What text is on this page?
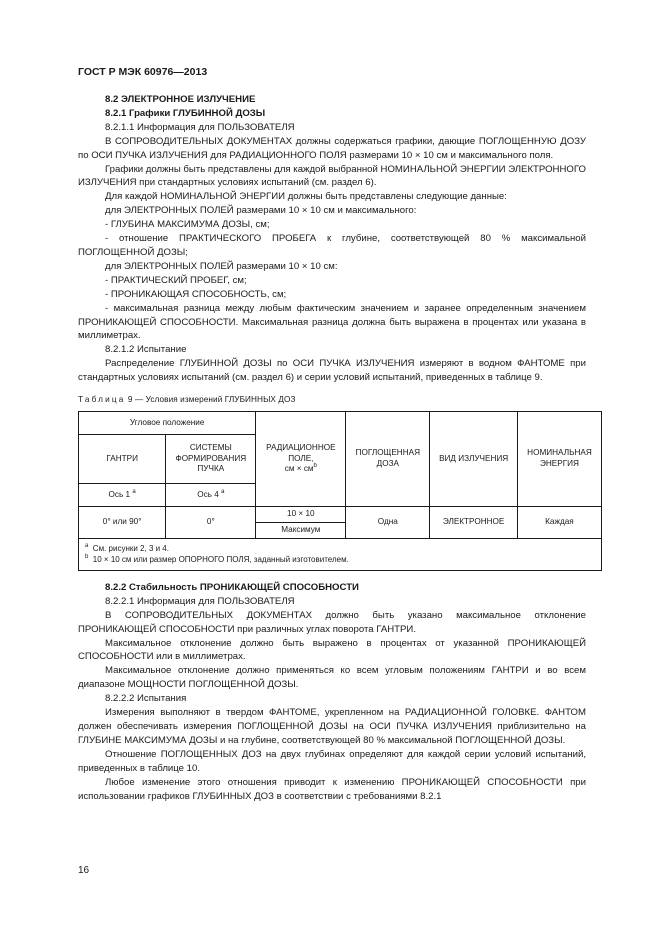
ГОСТ Р МЭК 60976—2013

8.2 ЭЛЕКТРОННОЕ ИЗЛУЧЕНИЕ

8.2.1 Графики ГЛУБИННОЙ ДОЗЫ

8.2.1.1 Информация для ПОЛЬЗОВАТЕЛЯ

В СОПРОВОДИТЕЛЬНЫХ ДОКУМЕНТАХ должны содержаться графики, дающие ПОГЛОЩЕННУЮ ДОЗУ по ОСИ ПУЧКА ИЗЛУЧЕНИЯ для РАДИАЦИОННОГО ПОЛЯ размерами 10 × 10 см и максимального поля.

Графики должны быть представлены для каждой выбранной НОМИНАЛЬНОЙ ЭНЕРГИИ ЭЛЕКТРОННОГО ИЗЛУЧЕНИЯ при стандартных условиях испытаний (см. раздел 6).

Для каждой НОМИНАЛЬНОЙ ЭНЕРГИИ должны быть представлены следующие данные:

для ЭЛЕКТРОННЫХ ПОЛЕЙ размерами 10 × 10 см и максимального:

- ГЛУБИНА МАКСИМУМА ДОЗЫ, см;

- отношение ПРАКТИЧЕСКОГО ПРОБЕГА к глубине, соответствующей 80 % максимальной ПОГЛОЩЕННОЙ ДОЗЫ;

для ЭЛЕКТРОННЫХ ПОЛЕЙ размерами 10 × 10 см:

- ПРАКТИЧЕСКИЙ ПРОБЕГ, см;

- ПРОНИКАЮЩАЯ СПОСОБНОСТЬ, см;

- максимальная разница между любым фактическим значением и заранее определенным значением ПРОНИКАЮЩЕЙ СПОСОБНОСТИ. Максимальная разница должна быть выражена в процентах или указана в миллиметрах.

8.2.1.2 Испытание

Распределение ГЛУБИННОЙ ДОЗЫ по ОСИ ПУЧКА ИЗЛУЧЕНИЯ измеряют в водном ФАНТОМЕ при стандартных условиях испытаний (см. раздел 6) и серии условий испытаний, приведенных в таблице 9.

Таблица 9 — Условия измерений ГЛУБИННЫХ ДОЗ
Угловое положение		РАДИАЦИОННОЕ ПОЛЕ,
см × $см^b$	ПОГЛОЩЕННАЯ ДОЗА	ВИД ИЗЛУЧЕНИЯ	НОМИНАЛЬНАЯ ЭНЕРГИЯ
ГАНТРИ	СИСТЕМЫ ФОРМИРОВАНИЯ ПУЧКА				
Ось 1 $^a$	Ось 4 $^a$
0° или 90°	0°	10 × 10	Одна	ЭЛЕКТРОННОЕ	Каждая
		Максимум			

$^a$ См. рисунки 2, 3 и 4.
$^b$ 10 × 10 см или размер ОПОРНОГО ПОЛЯ, заданный изготовителем.					

8.2.2 Стабильность ПРОНИКАЮЩЕЙ СПОСОБНОСТИ

8.2.2.1 Информация для ПОЛЬЗОВАТЕЛЯ

В СОПРОВОДИТЕЛЬНЫХ ДОКУМЕНТАХ должно быть указано максимальное отклонение ПРОНИКАЮЩЕЙ СПОСОБНОСТИ при различных углах поворота ГАНТРИ.

Максимальное отклонение должно быть выражено в процентах от указанной ПРОНИКАЮЩЕЙ СПОСОБНОСТИ или в миллиметрах.

Максимальное отклонение должно применяться ко всем угловым положениям ГАНТРИ и во всем диапазоне МОЩНОСТИ ПОГЛОЩЕННОЙ ДОЗЫ.

8.2.2.2 Испытания

Измерения выполняют в твердом ФАНТОМЕ, укрепленном на РАДИАЦИОННОЙ ГОЛОВКЕ. ФАНТОМ должен обеспечивать измерения ПОГЛОЩЕННОЙ ДОЗЫ на ОСИ ПУЧКА ИЗЛУЧЕНИЯ приблизительно на ГЛУБИНЕ МАКСИМУМА ДОЗЫ и на глубине, соответствующей 80 % максимальной ПОГЛОЩЕННОЙ ДОЗЫ.

Отношение ПОГЛОЩЕННЫХ ДОЗ на двух глубинах определяют для каждой серии условий испытаний, приведенных в таблице 10.

Любое изменение этого отношения приводит к изменению ПРОНИКАЮЩЕЙ СПОСОБНОСТИ при использовании графиков ГЛУБИННЫХ ДОЗ в соответствии с требованиями 8.2.1

16
